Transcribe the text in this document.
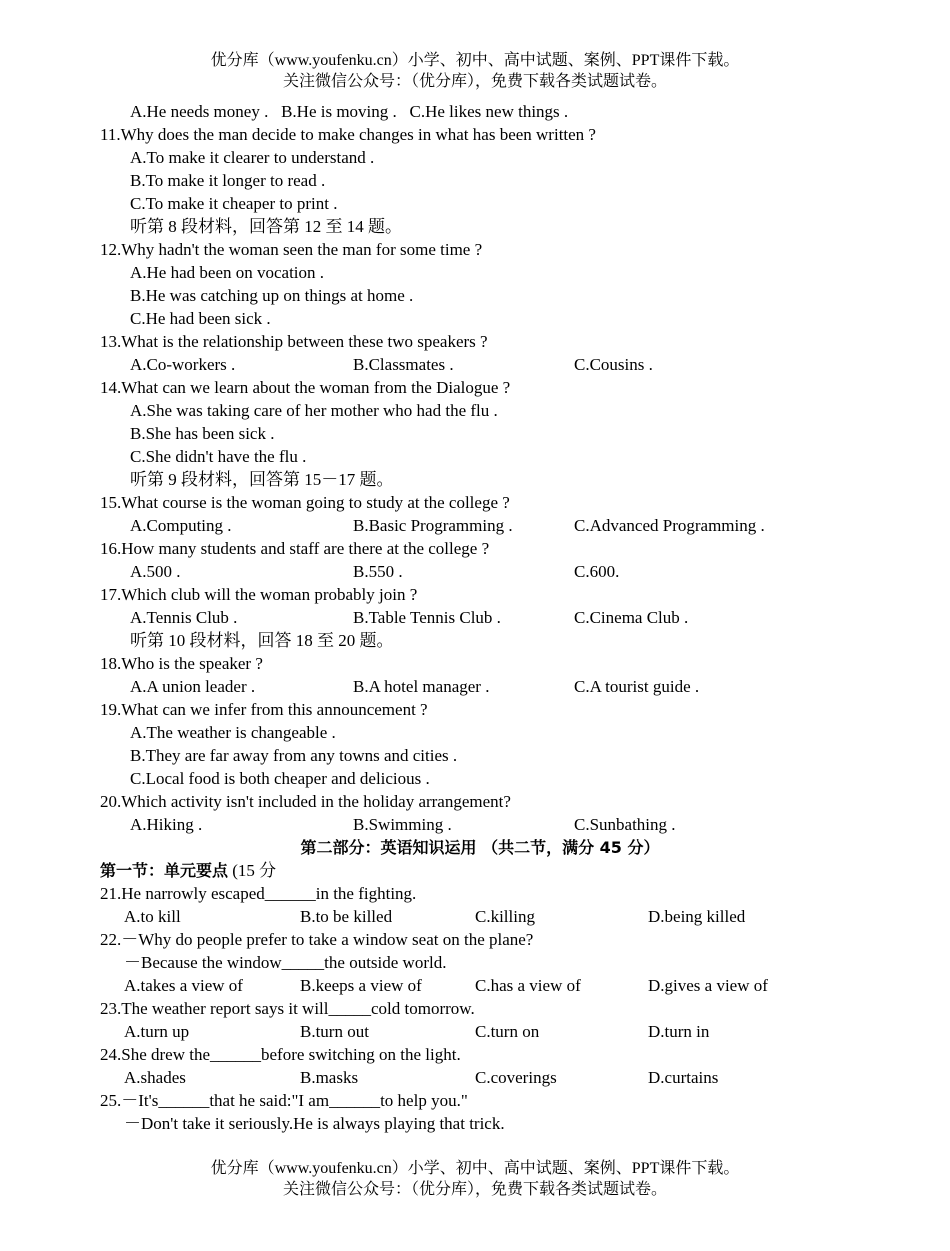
优分库（www.youfenku.cn）小学、初中、高中试题、案例、PPT课件下载。
关注微信公众号：（优分库），免费下载各类试题试卷。
A.He needs money .   B.He is moving .   C.He likes new things .
11.Why does the man decide to make changes in what has been written ?
A.To make it clearer to understand .
B.To make it longer to read .
C.To make it cheaper to print .
听第 8 段材料，回答第 12 至 14 题。
12.Why hadn't the woman seen the man for some time ?
A.He had been on vocation .
B.He was catching up on things at home .
C.He had been sick .
13.What is the relationship between these two speakers ?
A.Co-workers .	B.Classmates .	C.Cousins .
14.What can we learn about the woman from the Dialogue ?
A.She was taking care of her mother who had the flu .
B.She has been sick .
C.She didn't have the flu .
听第 9 段材料，回答第 15－17 题。
15.What course is the woman going to study at the college ?
A.Computing .	B.Basic Programming .	C.Advanced Programming .
16.How many students and staff are there at the college ?
A.500 .	B.550 .	C.600.
17.Which club will the woman probably join ?
A.Tennis Club .	B.Table Tennis Club .	C.Cinema Club .
听第 10 段材料，回答 18 至 20 题。
18.Who is the speaker ?
A.A union leader .	B.A hotel manager .	C.A tourist guide .
19.What can we infer from this announcement ?
A.The weather is changeable .
B.They are far away from any towns and cities .
C.Local food is both cheaper and delicious .
20.Which activity isn't included in the holiday arrangement?
A.Hiking .	B.Swimming .	C.Sunbathing .
第二部分：英语知识运用 （共二节，满分 45 分）
第一节：单元要点 (15 分
21.He narrowly escaped______in the fighting.
A.to kill	B.to be killed	C.killing	D.being killed
22.－Why do people prefer to take a window seat on the plane?
－Because the window_____the outside world.
A.takes a view of	B.keeps a view of	C.has a view of	D.gives a view of
23.The weather report says it will_____cold tomorrow.
A.turn up	B.turn out	C.turn on	D.turn in
24.She drew the______before switching on the light.
A.shades	B.masks	C.coverings	D.curtains
25.－It's______that he said:"I am______to help you."
－Don't take it seriously.He is always playing that trick.
优分库（www.youfenku.cn）小学、初中、高中试题、案例、PPT课件下载。
关注微信公众号：（优分库），免费下载各类试题试卷。
